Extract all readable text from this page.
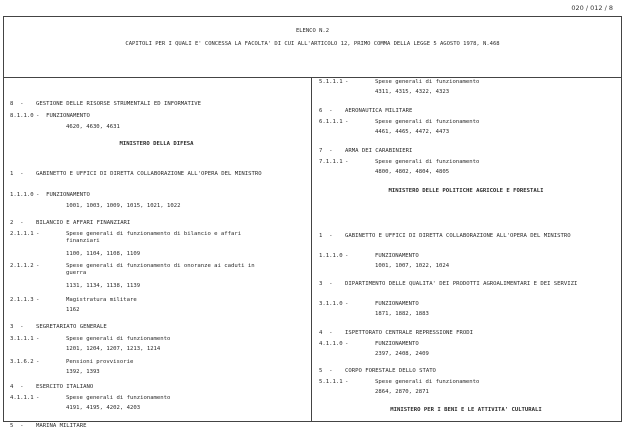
020 / 012 / 8
ELENCO N.2
CAPITOLI PER I QUALI E' CONCESSA LA FACOLTA' DI CUI ALL'ARTICOLO 12, PRIMO COMMA DELLA LEGGE 5 AGOSTO 1978, N.468
8  - GESTIONE DELLE RISORSE STRUMENTALI ED INFORMATIVE
8.1.1.0 -  FUNZIONAMENTO
4620, 4630, 4631
MINISTERO DELLA DIFESA
1  - GABINETTO E UFFICI DI DIRETTA COLLABORAZIONE ALL'OPERA DEL MINISTRO
1.1.1.0 -  FUNZIONAMENTO
1001, 1003, 1009, 1015, 1021, 1022
2  - BILANCIO E AFFARI FINANZIARI
2.1.1.1 -	Spese generali di funzionamento di bilancio e affari finanziari
1100, 1104, 1108, 1109
2.1.1.2 -	Spese generali di funzionamento di onoranze ai caduti in guerra
1131, 1134, 1138, 1139
2.1.1.3 -	Magistratura militare
1162
3  - SEGRETARIATO GENERALE
3.1.1.1 -	Spese generali di funzionamento
1201, 1204, 1207, 1213, 1214
3.1.6.2 -	Pensioni provvisorie
1392, 1393
4  - ESERCITO ITALIANO
4.1.1.1 -	Spese generali di funzionamento
4191, 4195, 4202, 4203
5  - MARINA MILITARE
5.1.1.1 -	Spese generali di funzionamento
4311, 4315, 4322, 4323
6  - AERONAUTICA MILITARE
6.1.1.1 -	Spese generali di funzionamento
4461, 4465, 4472, 4473
7  - ARMA DEI CARABINIERI
7.1.1.1 -	Spese generali di funzionamento
4800, 4802, 4804, 4805
MINISTERO DELLE POLITICHE AGRICOLE E FORESTALI
1  - GABINETTO E UFFICI DI DIRETTA COLLABORAZIONE ALL'OPERA DEL MINISTRO
1.1.1.0 -	FUNZIONAMENTO
1001, 1007, 1022, 1024
3  - DIPARTIMENTO DELLE QUALITA' DEI PRODOTTI AGROALIMENTARI E DEI SERVIZI
3.1.1.0 -	FUNZIONAMENTO
1871, 1882, 1883
4  - ISPETTORATO CENTRALE REPRESSIONE FRODI
4.1.1.0 -	FUNZIONAMENTO
2397, 2408, 2409
5  - CORPO FORESTALE DELLO STATO
5.1.1.1 -	Spese generali di funzionamento
2864, 2870, 2871
MINISTERO PER I BENI E LE ATTIVITA' CULTURALI
